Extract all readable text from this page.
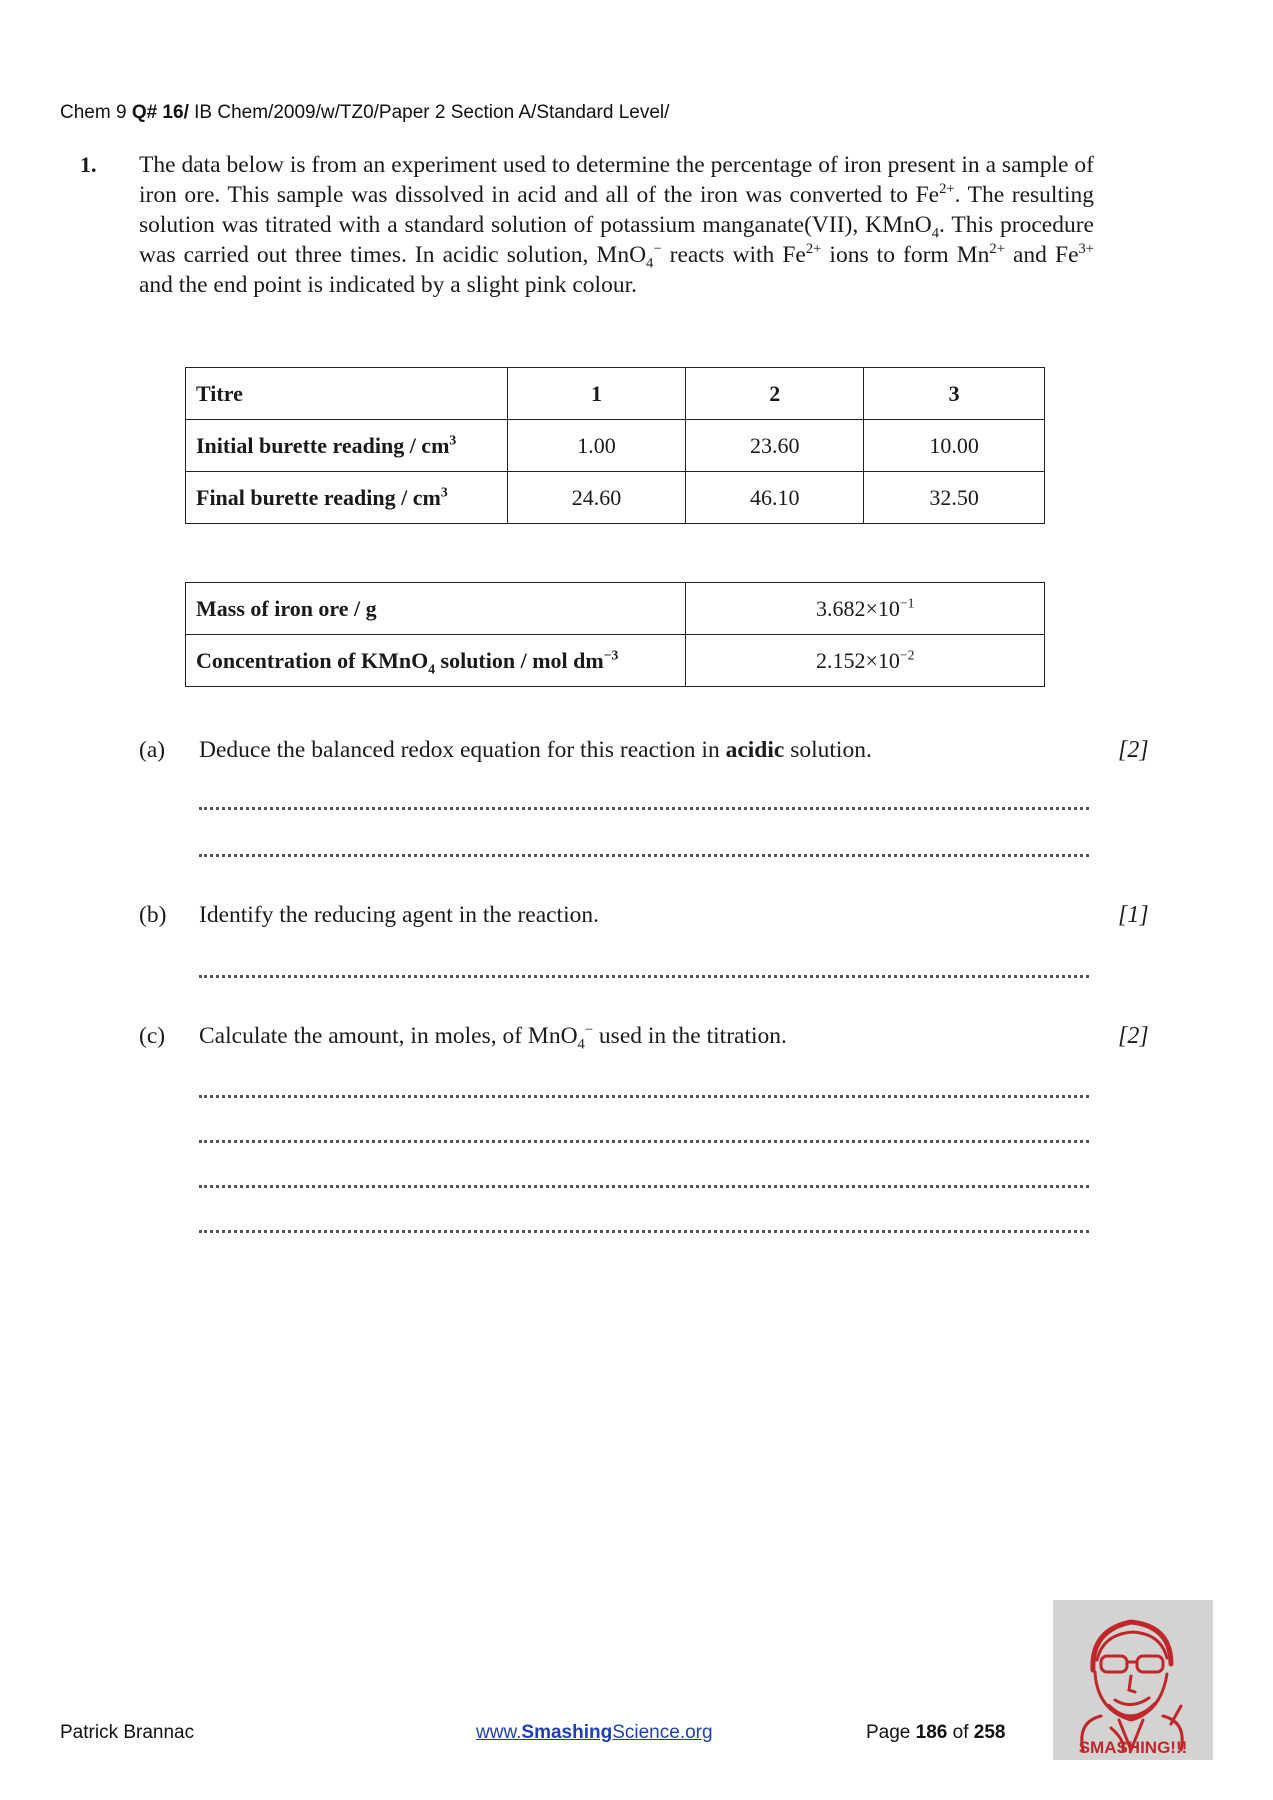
Chem 9 Q# 16/ IB Chem/2009/w/TZ0/Paper 2 Section A/Standard Level/
1. The data below is from an experiment used to determine the percentage of iron present in a sample of iron ore. This sample was dissolved in acid and all of the iron was converted to $Fe^{2+}$. The resulting solution was titrated with a standard solution of potassium manganate(VII), KMnO$_4$. This procedure was carried out three times. In acidic solution, MnO$_4$− reacts with $Fe^{2+}$ ions to form $Mn^{2+}$ and $Fe^{3+}$ and the end point is indicated by a slight pink colour.
Titre	1	2	3
Initial burette reading / $cm^3$	1.00	23.60	10.00
Final burette reading / $cm^3$	24.60	46.10	32.50
Mass of iron ore / g	$3.682\times 10^{-1}$
Concentration of KMnO$_4$ solution / mol $dm^{-3}$	$2.152\times 10^{-2}$
(a) Deduce the balanced redox equation for this reaction in acidic solution.	[2]
(b) Identify the reducing agent in the reaction.	[1]
(c) Calculate the amount, in moles, of MnO$_4$− used in the titration.	[2]
Patrick Brannac	www.SmashingScience.org	Page 186 of 258
SMASHING!!!
